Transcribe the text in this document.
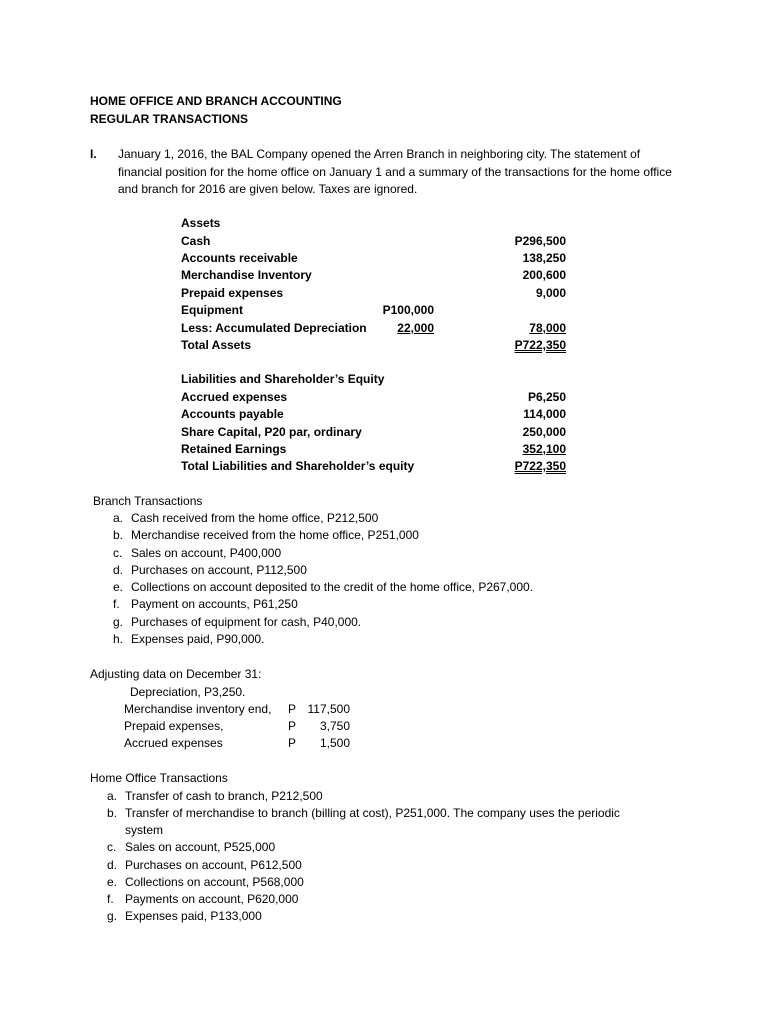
HOME OFFICE AND BRANCH ACCOUNTING
REGULAR TRANSACTIONS
I. January 1, 2016, the BAL Company opened the Arren Branch in neighboring city. The statement of financial position for the home office on January 1 and a summary of the transactions for the home office and branch for 2016 are given below. Taxes are ignored.
Assets
Cash	P296,500
Accounts receivable	138,250
Merchandise Inventory	200,600
Prepaid expenses	9,000
Equipment	P100,000
Less: Accumulated Depreciation	22,000	78,000
Total Assets	P722,350
Liabilities and Shareholder’s Equity
Accrued expenses	P6,250
Accounts payable	114,000
Share Capital, P20 par, ordinary	250,000
Retained Earnings	352,100
Total Liabilities and Shareholder’s equity	P722,350
Branch Transactions
a. Cash received from the home office, P212,500
b. Merchandise received from the home office, P251,000
c. Sales on account, P400,000
d. Purchases on account, P112,500
e. Collections on account deposited to the credit of the home office, P267,000.
f. Payment on accounts, P61,250
g. Purchases of equipment for cash, P40,000.
h. Expenses paid, P90,000.
Adjusting data on December 31:
Depreciation, P3,250.
Merchandise inventory end, P 117,500
Prepaid expenses,	P 3,750
Accrued expenses	P 1,500
Home Office Transactions
a. Transfer of cash to branch, P212,500
b. Transfer of merchandise to branch (billing at cost), P251,000. The company uses the periodic system
c. Sales on account, P525,000
d. Purchases on account, P612,500
e. Collections on account, P568,000
f. Payments on account, P620,000
g. Expenses paid, P133,000
